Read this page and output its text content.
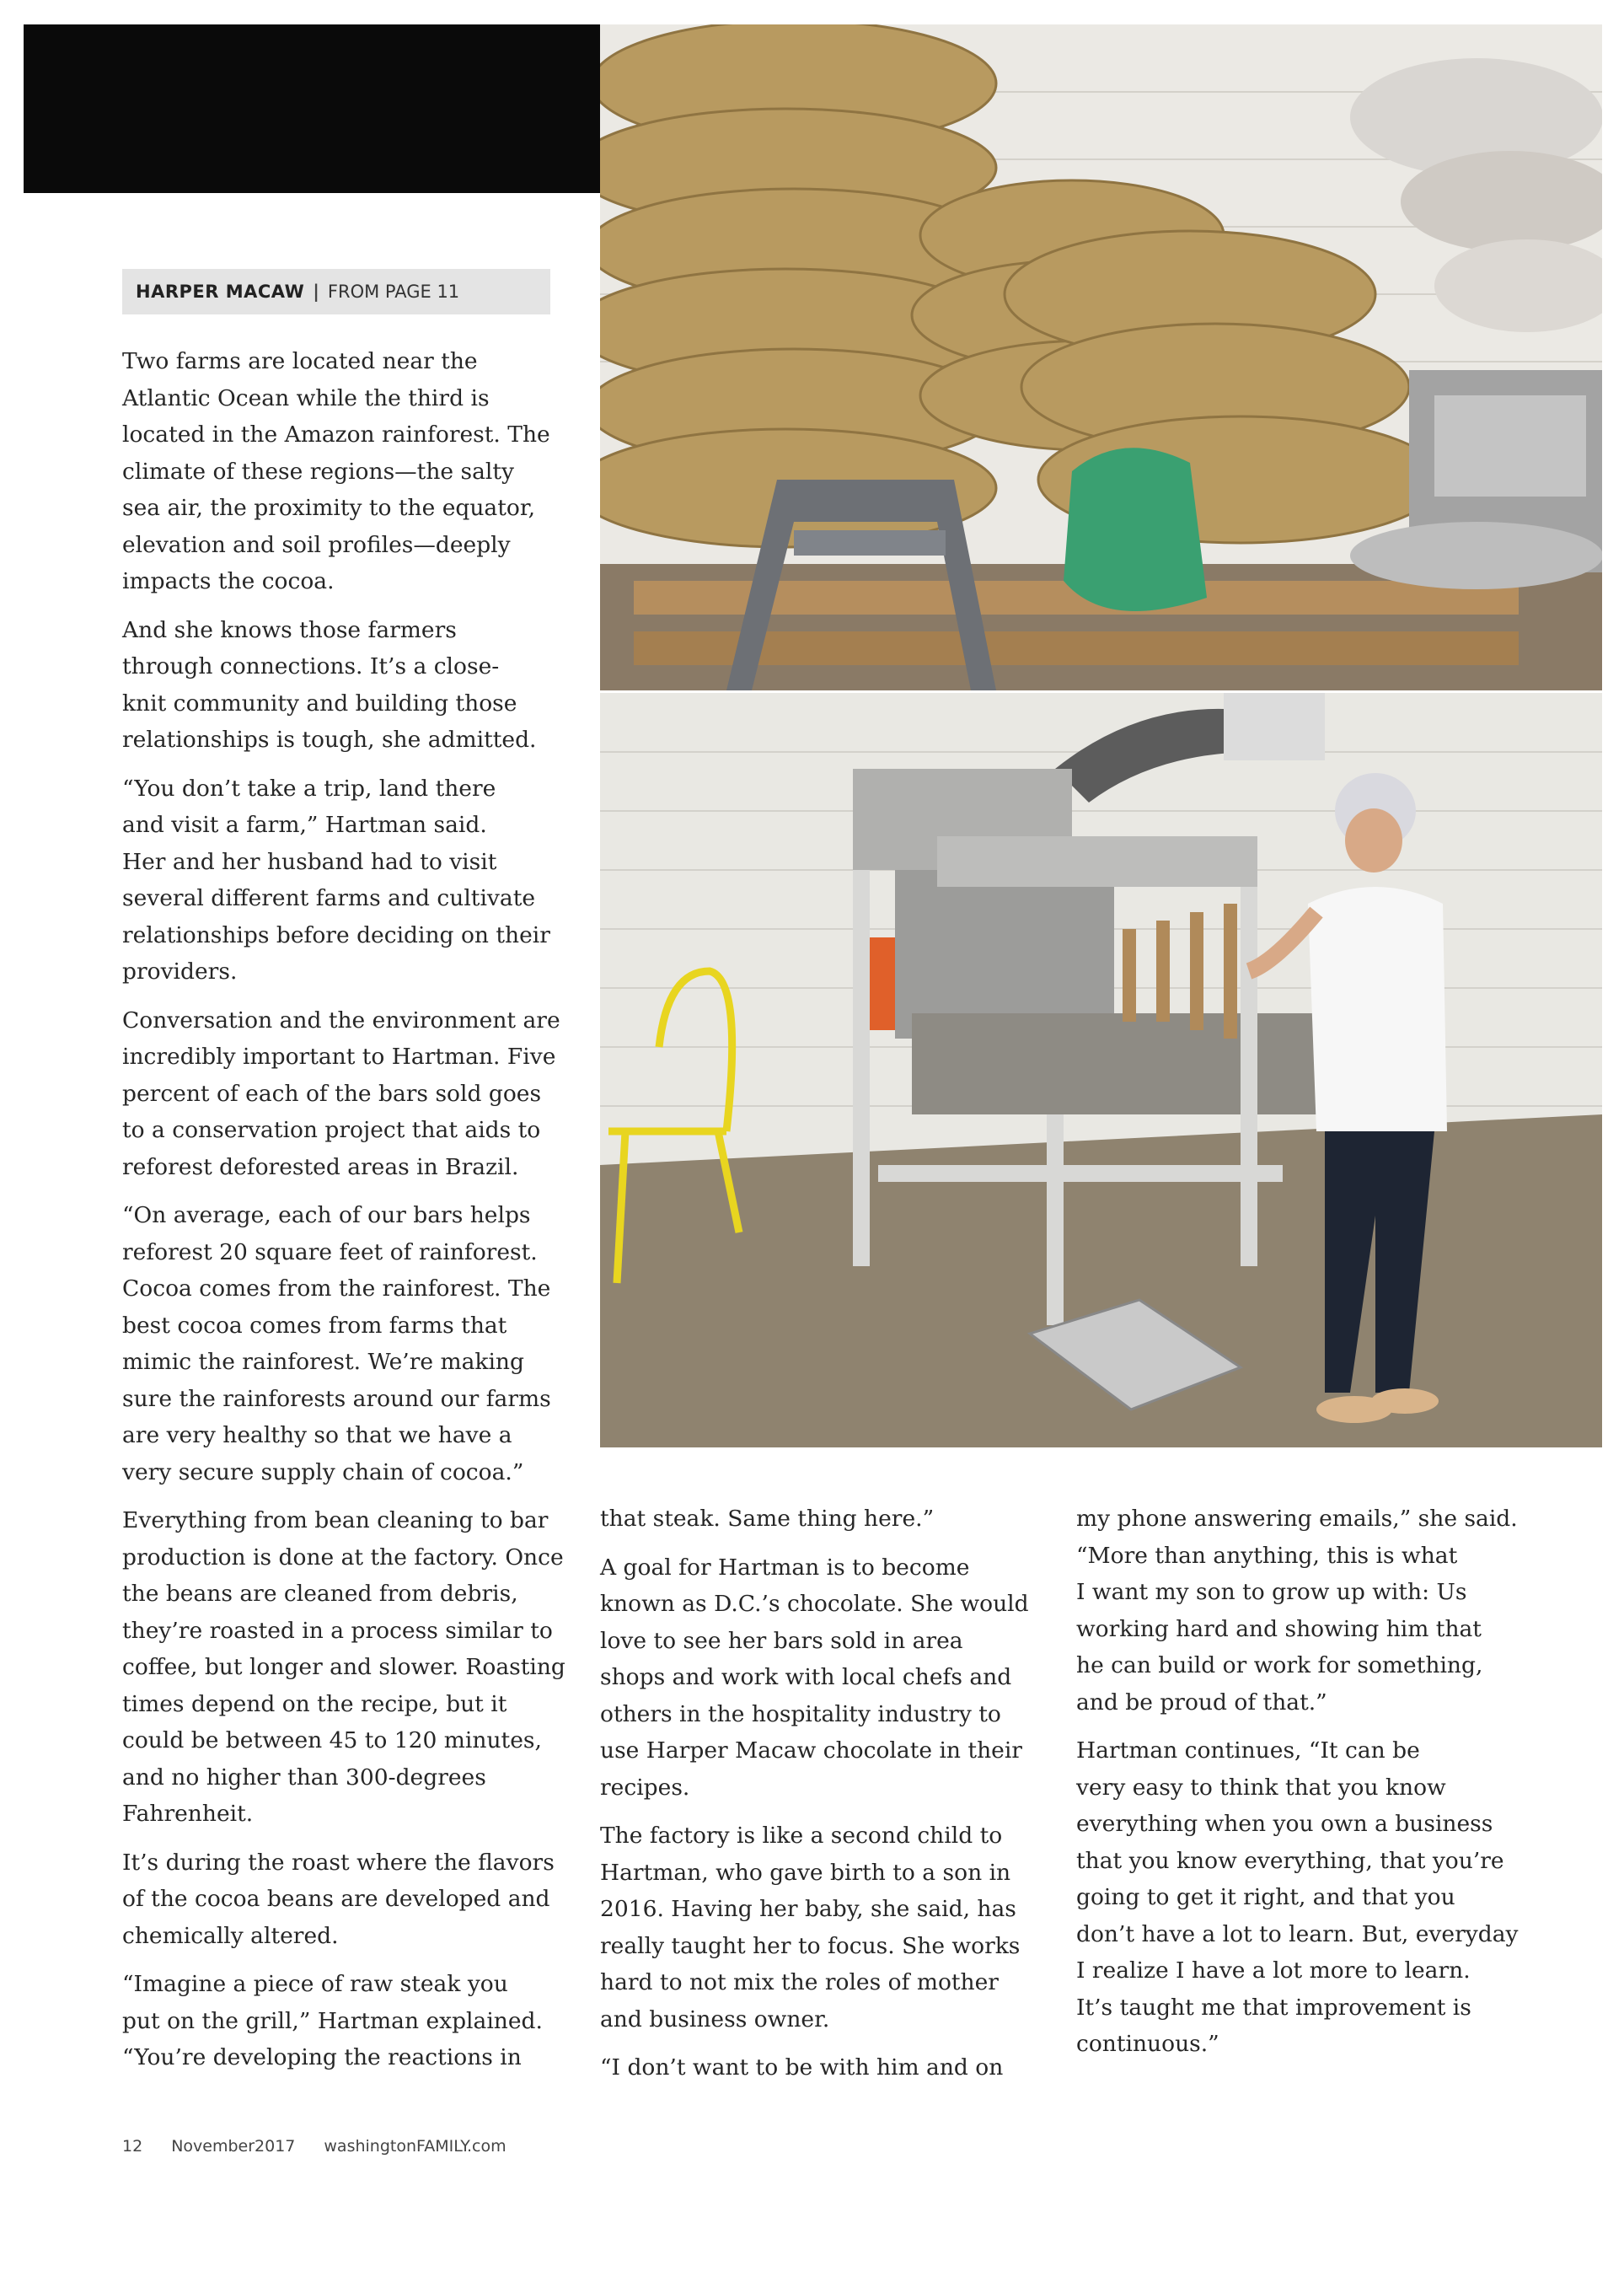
HARPER MACAW | FROM PAGE 11

Two farms are located near the
Atlantic Ocean while the third is
located in the Amazon rainforest. The
climate of these regions—the salty
sea air, the proximity to the equator,
elevation and soil profiles—deeply
impacts the cocoa.

And she knows those farmers
through connections. It’s a close-
knit community and building those
relationships is tough, she admitted.

“You don’t take a trip, land there
and visit a farm,” Hartman said.
Her and her husband had to visit
several different farms and cultivate
relationships before deciding on their
providers.

Conversation and the environment are
incredibly important to Hartman. Five
percent of each of the bars sold goes
to a conservation project that aids to
reforest deforested areas in Brazil.

“On average, each of our bars helps
reforest 20 square feet of rainforest.
Cocoa comes from the rainforest. The
best cocoa comes from farms that
mimic the rainforest. We’re making
sure the rainforests around our farms
are very healthy so that we have a
very secure supply chain of cocoa.”

Everything from bean cleaning to bar
production is done at the factory. Once
the beans are cleaned from debris,
they’re roasted in a process similar to
coffee, but longer and slower. Roasting
times depend on the recipe, but it
could be between 45 to 120 minutes,
and no higher than 300-degrees
Fahrenheit.

It’s during the roast where the flavors
of the cocoa beans are developed and
chemically altered.

“Imagine a piece of raw steak you
put on the grill,” Hartman explained.
“You’re developing the reactions in

that steak. Same thing here.”

A goal for Hartman is to become
known as D.C.’s chocolate. She would
love to see her bars sold in area
shops and work with local chefs and
others in the hospitality industry to
use Harper Macaw chocolate in their
recipes.

The factory is like a second child to
Hartman, who gave birth to a son in
2016. Having her baby, she said, has
really taught her to focus. She works
hard to not mix the roles of mother
and business owner.

“I don’t want to be with him and on

my phone answering emails,” she said.
“More than anything, this is what
I want my son to grow up with: Us
working hard and showing him that
he can build or work for something,
and be proud of that.”

Hartman continues, “It can be
very easy to think that you know
everything when you own a business
that you know everything, that you’re
going to get it right, and that you
don’t have a lot to learn. But, everyday
I realize I have a lot more to learn.
It’s taught me that improvement is
continuous.”

12 November2017 washingtonFAMILY.com
